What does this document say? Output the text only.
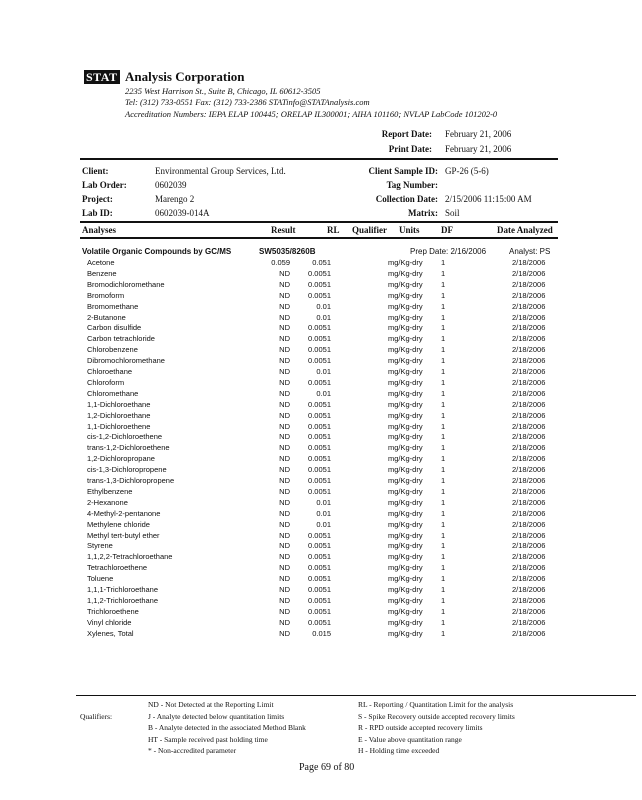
STAT Analysis Corporation
2235 West Harrison St., Suite B, Chicago, IL 60612-3505
Tel: (312) 733-0551 Fax: (312) 733-2386 STATinfo@STATAnalysis.com
Accreditation Numbers: IEPA ELAP 100445; ORELAP IL300001; AIHA 101160; NVLAP LabCode 101202-0
Report Date: February 21, 2006
Print Date: February 21, 2006
Client:	Environmental Group Services, Ltd.
Lab Order:	0602039
Project:	Marengo 2
Lab ID:	0602039-014A
Client Sample ID: GP-26 (5-6)
Tag Number:
Collection Date: 2/15/2006 11:15:00 AM
Matrix: Soil
Analyses	Result	RL Qualifier Units DF	Date Analyzed
Volatile Organic Compounds by GC/MS	SW5035/8260B	Prep Date: 2/16/2006	Analyst: PS
Acetone	0.059	0.051	mg/Kg-dry 1	2/18/2006
Benzene	ND	0.0051	mg/Kg-dry 1	2/18/2006
Bromodichloromethane	ND	0.0051	mg/Kg-dry 1	2/18/2006
Bromoform	ND	0.0051	mg/Kg-dry 1	2/18/2006
Bromomethane	ND	0.01	mg/Kg-dry 1	2/18/2006
2-Butanone	ND	0.01	mg/Kg-dry 1	2/18/2006
Carbon disulfide	ND	0.0051	mg/Kg-dry 1	2/18/2006
Carbon tetrachloride	ND	0.0051	mg/Kg-dry 1	2/18/2006
Chlorobenzene	ND	0.0051	mg/Kg-dry 1	2/18/2006
Dibromochloromethane	ND	0.0051	mg/Kg-dry 1	2/18/2006
Chloroethane	ND	0.01	mg/Kg-dry 1	2/18/2006
Chloroform	ND	0.0051	mg/Kg-dry 1	2/18/2006
Chloromethane	ND	0.01	mg/Kg-dry 1	2/18/2006
1,1-Dichloroethane	ND	0.0051	mg/Kg-dry 1	2/18/2006
1,2-Dichloroethane	ND	0.0051	mg/Kg-dry 1	2/18/2006
1,1-Dichloroethene	ND	0.0051	mg/Kg-dry 1	2/18/2006
cis-1,2-Dichloroethene	ND	0.0051	mg/Kg-dry 1	2/18/2006
trans-1,2-Dichloroethene	ND	0.0051	mg/Kg-dry 1	2/18/2006
1,2-Dichloropropane	ND	0.0051	mg/Kg-dry 1	2/18/2006
cis-1,3-Dichloropropene	ND	0.0051	mg/Kg-dry 1	2/18/2006
trans-1,3-Dichloropropene	ND	0.0051	mg/Kg-dry 1	2/18/2006
Ethylbenzene	ND	0.0051	mg/Kg-dry 1	2/18/2006
2-Hexanone	ND	0.01	mg/Kg-dry 1	2/18/2006
4-Methyl-2-pentanone	ND	0.01	mg/Kg-dry 1	2/18/2006
Methylene chloride	ND	0.01	mg/Kg-dry 1	2/18/2006
Methyl tert-butyl ether	ND	0.0051	mg/Kg-dry 1	2/18/2006
Styrene	ND	0.0051	mg/Kg-dry 1	2/18/2006
1,1,2,2-Tetrachloroethane	ND	0.0051	mg/Kg-dry 1	2/18/2006
Tetrachloroethene	ND	0.0051	mg/Kg-dry 1	2/18/2006
Toluene	ND	0.0051	mg/Kg-dry 1	2/18/2006
1,1,1-Trichloroethane	ND	0.0051	mg/Kg-dry 1	2/18/2006
1,1,2-Trichloroethane	ND	0.0051	mg/Kg-dry 1	2/18/2006
Trichloroethene	ND	0.0051	mg/Kg-dry 1	2/18/2006
Vinyl chloride	ND	0.0051	mg/Kg-dry 1	2/18/2006
Xylenes, Total	ND	0.015	mg/Kg-dry 1	2/18/2006
Qualifiers:
ND - Not Detected at the Reporting Limit
J - Analyte detected below quantitation limits
B - Analyte detected in the associated Method Blank
HT - Sample received past holding time
* - Non-accredited parameter
RL - Reporting / Quantitation Limit for the analysis
S - Spike Recovery outside accepted recovery limits
R - RPD outside accepted recovery limits
E - Value above quantitation range
H - Holding time exceeded
Page 69 of 80
